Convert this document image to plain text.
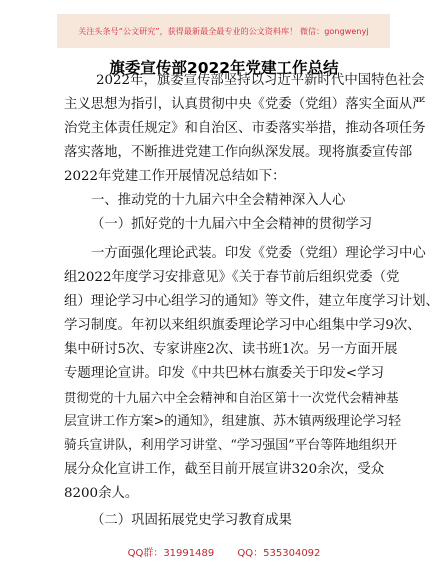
关注头条号“公文研究”，获得最新最全最专业的公文资料库！ 微信：gongwenyj
旗委宣传部2022年党建工作总结
2022年，旗委宣传部坚持以习近平新时代中国特色社会
主义思想为指引，认真贯彻中央《党委（党组）落实全面从严
治党主体责任规定》和自治区、市委落实举措，推动各项任务
落实落地，不断推进党建工作向纵深发展。现将旗委宣传部
2022年党建工作开展情况总结如下：
一、推动党的十九届六中全会精神深入人心
（一）抓好党的十九届六中全会精神的贯彻学习
一方面强化理论武装。印发《党委（党组）理论学习中心
组2022年度学习安排意见》《关于春节前后组织党委（党
组）理论学习中心组学习的通知》等文件，建立年度学习计划、
学习制度。年初以来组织旗委理论学习中心组集中学习9次、
集中研讨5次、专家讲座2次、读书班1次。另一方面开展
专题理论宣讲。印发《中共巴林右旗委关于印发<学习
贯彻党的十九届六中全会精神和自治区第十一次党代会精神基
层宣讲工作方案>的通知》，组建旗、苏木镇两级理论学习轻
骑兵宣讲队，利用学习讲堂、“学习强国”平台等阵地组织开
展分众化宣讲工作，截至目前开展宣讲320余次，受众
8200余人。
（二）巩固拓展党史学习教育成果
QQ群：31991489 QQ：535304092
